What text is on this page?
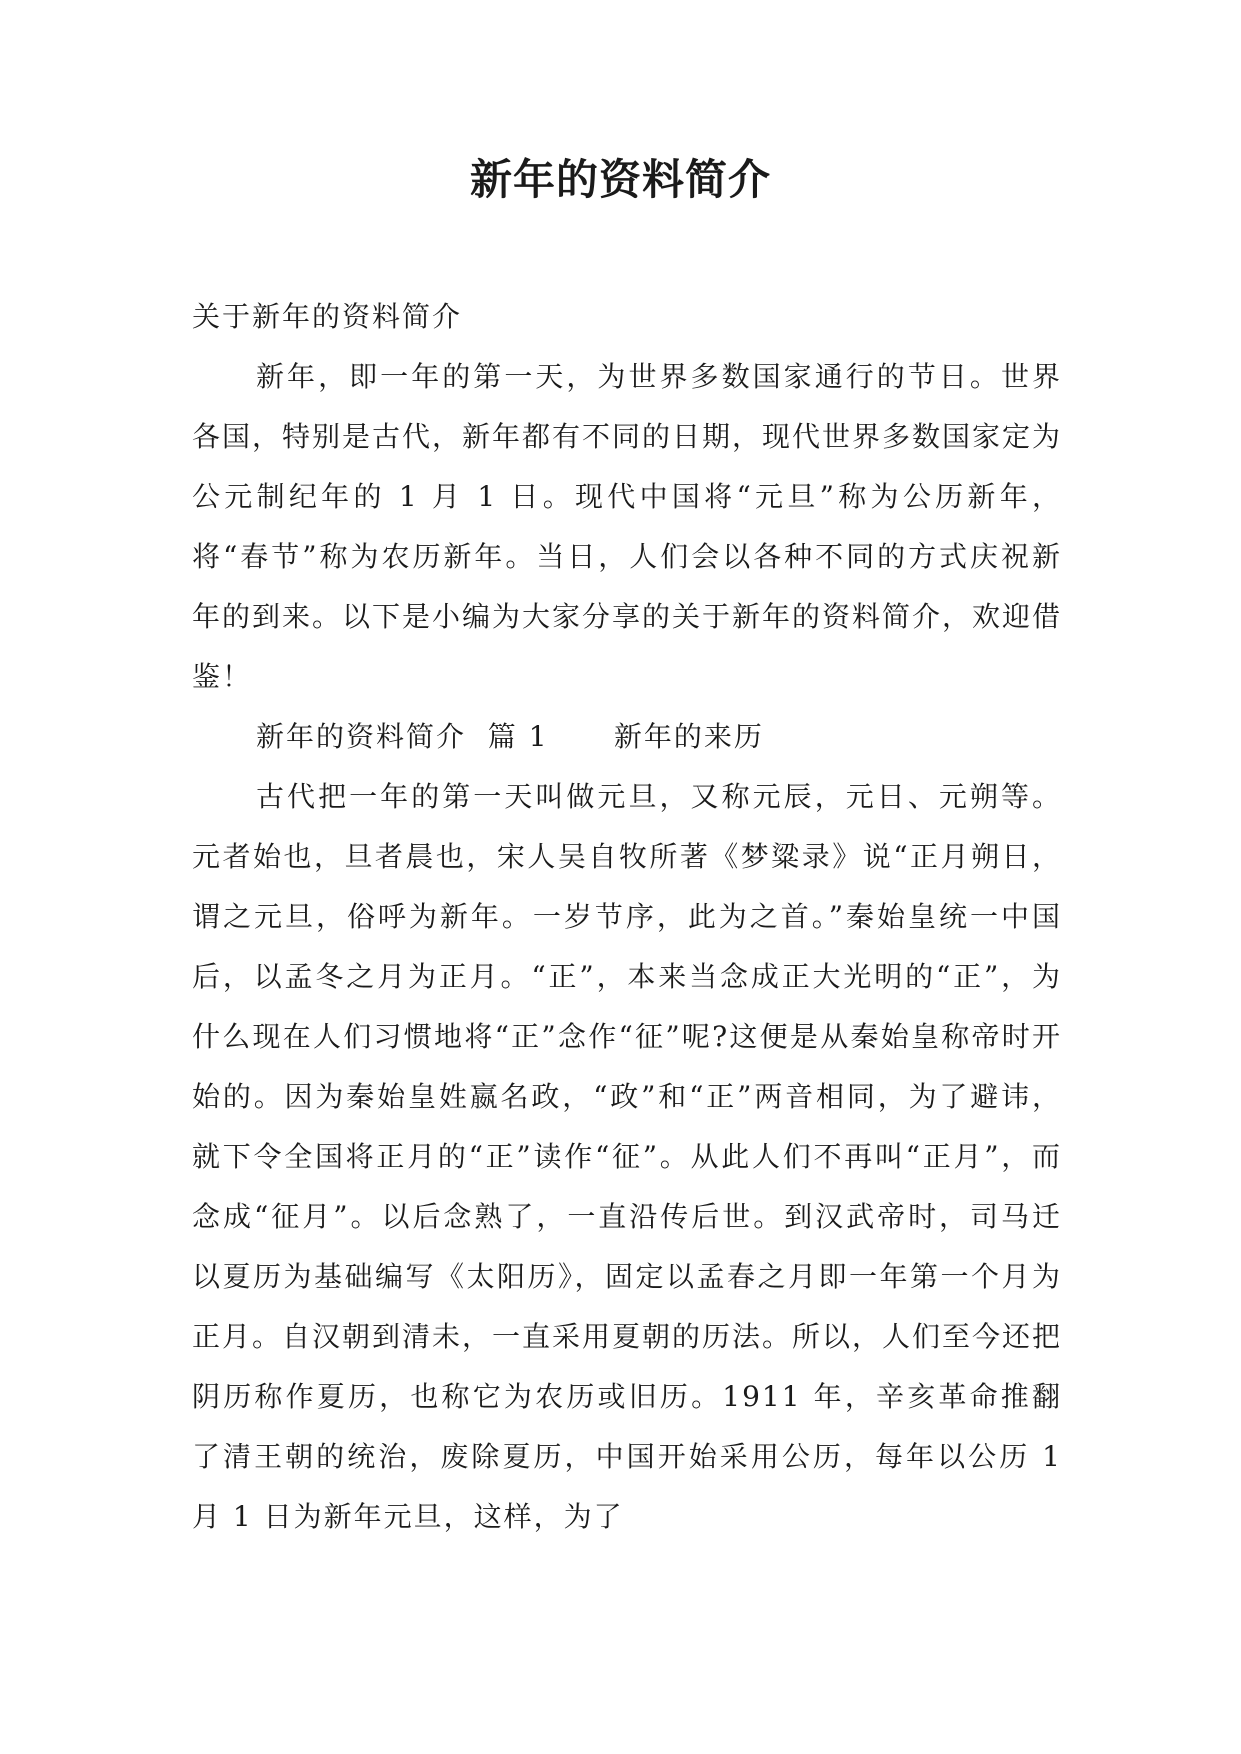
新年的资料简介

关于新年的资料简介

新年，即一年的第一天，为世界多数国家通行的节日。世界各国，特别是古代，新年都有不同的日期，现代世界多数国家定为公元制纪年的 1 月 1 日。现代中国将“元旦”称为公历新年，将“春节”称为农历新年。当日，人们会以各种不同的方式庆祝新年的到来。以下是小编为大家分享的关于新年的资料简介，欢迎借鉴！

新年的资料简介  篇 1      新年的来历

古代把一年的第一天叫做元旦，又称元辰，元日、元朔等。元者始也，旦者晨也，宋人吴自牧所著《梦粱录》说“正月朔日，谓之元旦，俗呼为新年。一岁节序，此为之首。”秦始皇统一中国后，以孟冬之月为正月。“正”，本来当念成正大光明的“正”，为什么现在人们习惯地将“正”念作“征”呢?这便是从秦始皇称帝时开始的。因为秦始皇姓嬴名政，“政”和“正”两音相同，为了避讳，就下令全国将正月的“正”读作“征”。从此人们不再叫“正月”，而念成“征月”。以后念熟了，一直沿传后世。到汉武帝时，司马迁以夏历为基础编写《太阳历》，固定以孟春之月即一年第一个月为正月。自汉朝到清未，一直采用夏朝的历法。所以，人们至今还把阴历称作夏历，也称它为农历或旧历。1911 年，辛亥革命推翻了清王朝的统治，废除夏历，中国开始采用公历，每年以公历 1 月 1 日为新年元旦，这样，为了
